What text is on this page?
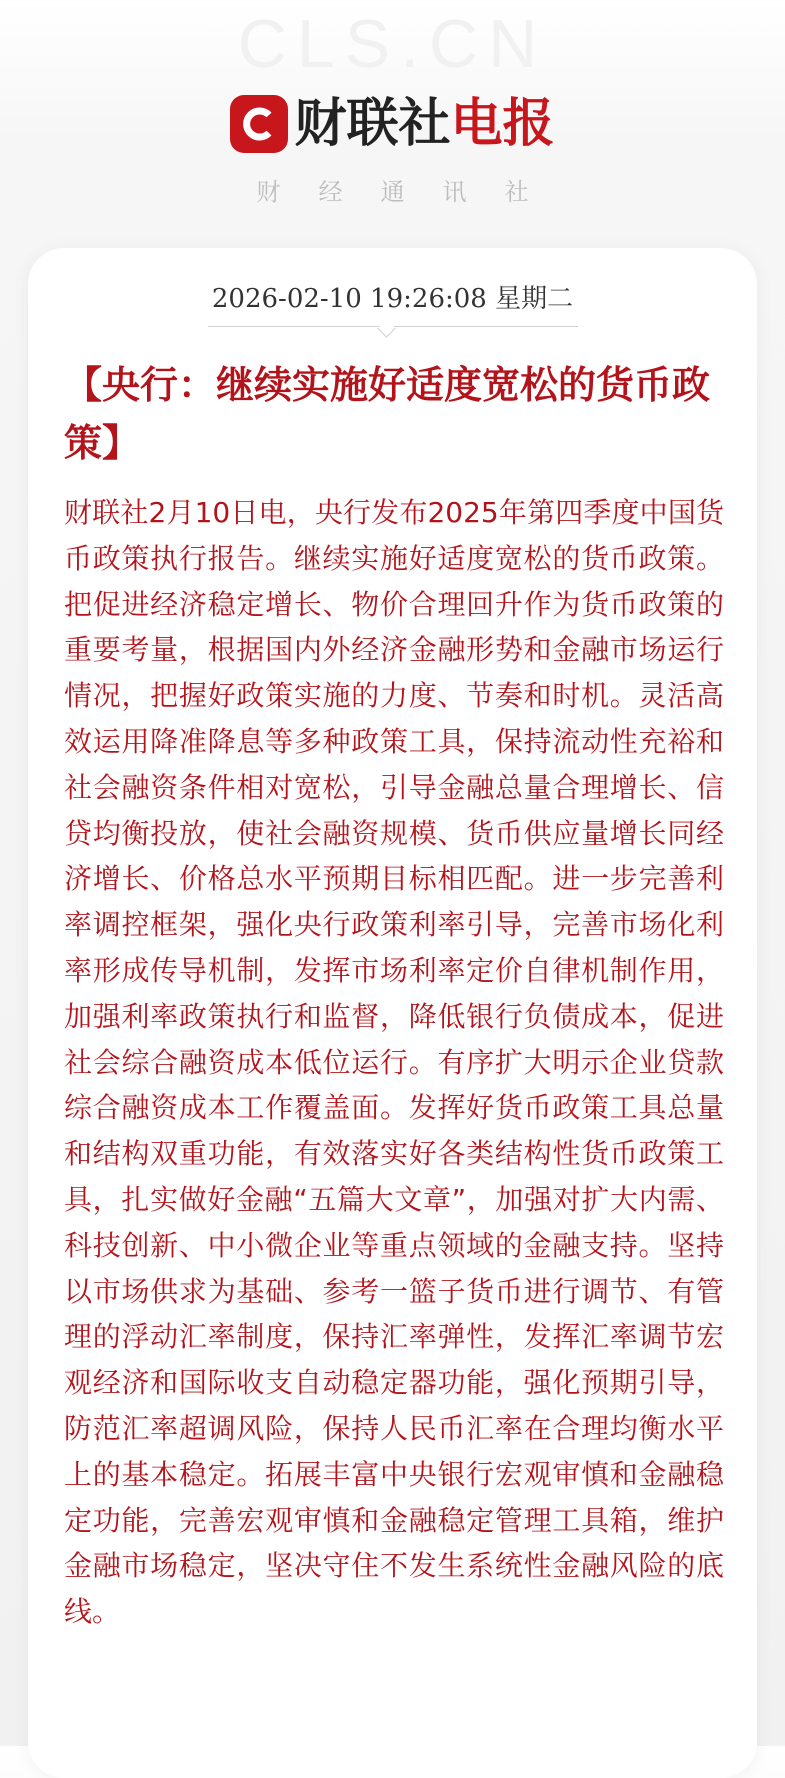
CLS.CN
财联社 电报
财经通讯社
2026-02-10 19:26:08 星期二
【央行：继续实施好适度宽松的货币政策】
财联社2月10日电，央行发布2025年第四季度中国货币政策执行报告。继续实施好适度宽松的货币政策。把促进经济稳定增长、物价合理回升作为货币政策的重要考量，根据国内外经济金融形势和金融市场运行情况，把握好政策实施的力度、节奏和时机。灵活高效运用降准降息等多种政策工具，保持流动性充裕和社会融资条件相对宽松，引导金融总量合理增长、信贷均衡投放，使社会融资规模、货币供应量增长同经济增长、价格总水平预期目标相匹配。进一步完善利率调控框架，强化央行政策利率引导，完善市场化利率形成传导机制，发挥市场利率定价自律机制作用，加强利率政策执行和监督，降低银行负债成本，促进社会综合融资成本低位运行。有序扩大明示企业贷款综合融资成本工作覆盖面。发挥好货币政策工具总量和结构双重功能，有效落实好各类结构性货币政策工具，扎实做好金融“五篇大文章”，加强对扩大内需、科技创新、中小微企业等重点领域的金融支持。坚持以市场供求为基础、参考一篮子货币进行调节、有管理的浮动汇率制度，保持汇率弹性，发挥汇率调节宏观经济和国际收支自动稳定器功能，强化预期引导，防范汇率超调风险，保持人民币汇率在合理均衡水平上的基本稳定。拓展丰富中央银行宏观审慎和金融稳定功能，完善宏观审慎和金融稳定管理工具箱，维护金融市场稳定，坚决守住不发生系统性金融风险的底线。
